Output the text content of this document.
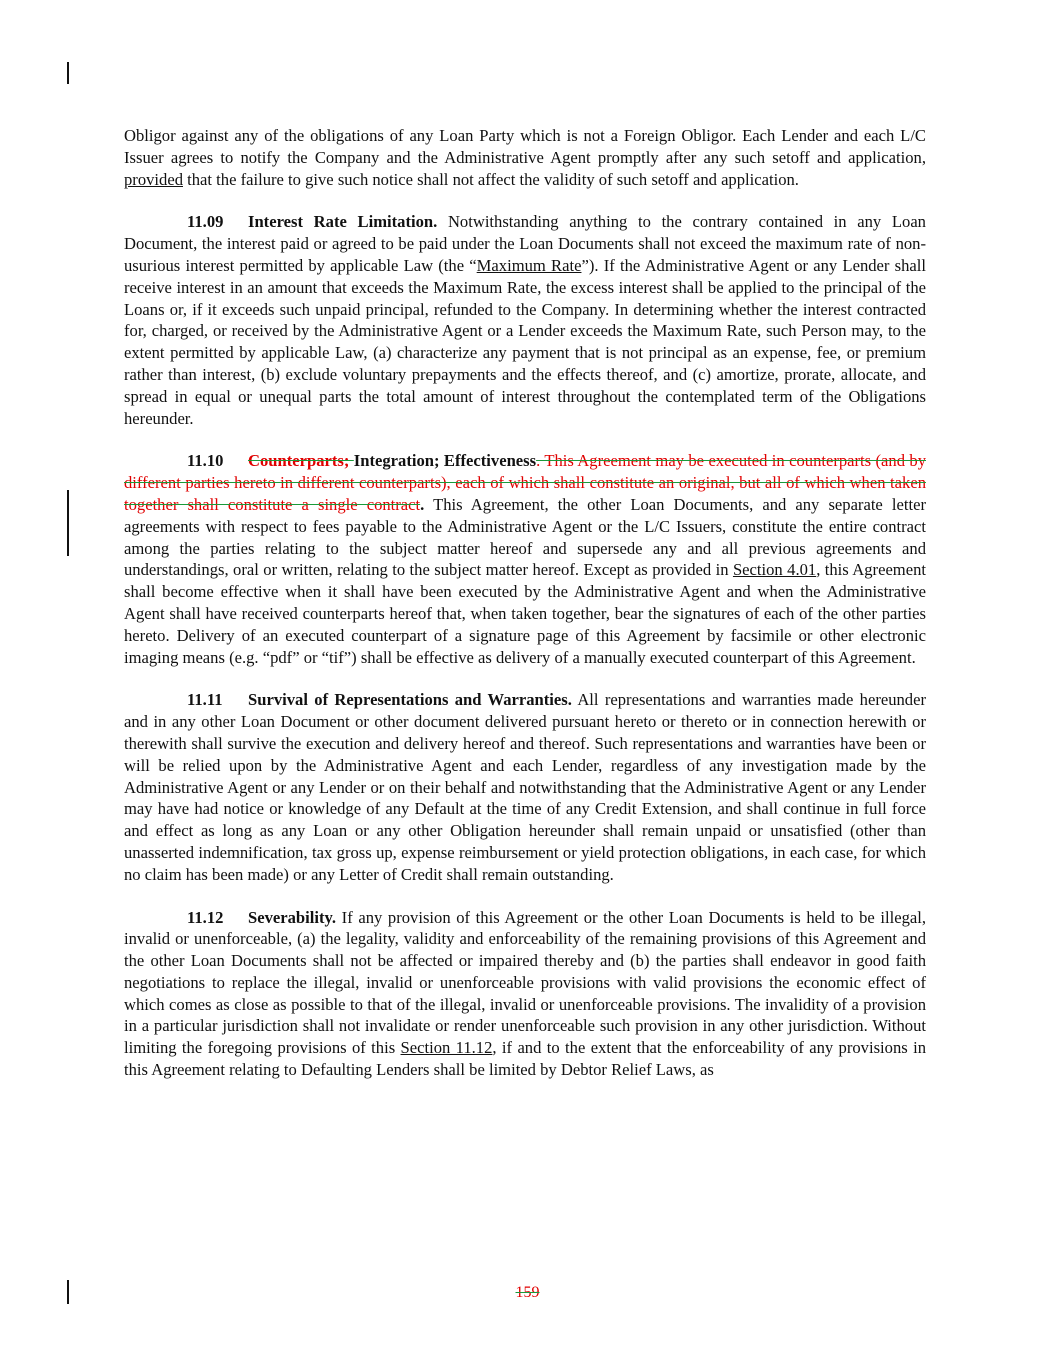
Obligor against any of the obligations of any Loan Party which is not a Foreign Obligor. Each Lender and each L/C Issuer agrees to notify the Company and the Administrative Agent promptly after any such setoff and application, provided that the failure to give such notice shall not affect the validity of such setoff and application.

11.09 Interest Rate Limitation. Notwithstanding anything to the contrary contained in any Loan Document, the interest paid or agreed to be paid under the Loan Documents shall not exceed the maximum rate of non-usurious interest permitted by applicable Law (the “Maximum Rate”). If the Administrative Agent or any Lender shall receive interest in an amount that exceeds the Maximum Rate, the excess interest shall be applied to the principal of the Loans or, if it exceeds such unpaid principal, refunded to the Company. In determining whether the interest contracted for, charged, or received by the Administrative Agent or a Lender exceeds the Maximum Rate, such Person may, to the extent permitted by applicable Law, (a) characterize any payment that is not principal as an expense, fee, or premium rather than interest, (b) exclude voluntary prepayments and the effects thereof, and (c) amortize, prorate, allocate, and spread in equal or unequal parts the total amount of interest throughout the contemplated term of the Obligations hereunder.

11.10 Counterparts; Integration; Effectiveness. This Agreement may be executed in counterparts (and by different parties hereto in different counterparts), each of which shall constitute an original, but all of which when taken together shall constitute a single contract. This Agreement, the other Loan Documents, and any separate letter agreements with respect to fees payable to the Administrative Agent or the L/C Issuers, constitute the entire contract among the parties relating to the subject matter hereof and supersede any and all previous agreements and understandings, oral or written, relating to the subject matter hereof. Except as provided in Section 4.01, this Agreement shall become effective when it shall have been executed by the Administrative Agent and when the Administrative Agent shall have received counterparts hereof that, when taken together, bear the signatures of each of the other parties hereto. Delivery of an executed counterpart of a signature page of this Agreement by facsimile or other electronic imaging means (e.g. “pdf” or “tif”) shall be effective as delivery of a manually executed counterpart of this Agreement.

11.11 Survival of Representations and Warranties. All representations and warranties made hereunder and in any other Loan Document or other document delivered pursuant hereto or thereto or in connection herewith or therewith shall survive the execution and delivery hereof and thereof. Such representations and warranties have been or will be relied upon by the Administrative Agent and each Lender, regardless of any investigation made by the Administrative Agent or any Lender or on their behalf and notwithstanding that the Administrative Agent or any Lender may have had notice or knowledge of any Default at the time of any Credit Extension, and shall continue in full force and effect as long as any Loan or any other Obligation hereunder shall remain unpaid or unsatisfied (other than unasserted indemnification, tax gross up, expense reimbursement or yield protection obligations, in each case, for which no claim has been made) or any Letter of Credit shall remain outstanding.

11.12 Severability. If any provision of this Agreement or the other Loan Documents is held to be illegal, invalid or unenforceable, (a) the legality, validity and enforceability of the remaining provisions of this Agreement and the other Loan Documents shall not be affected or impaired thereby and (b) the parties shall endeavor in good faith negotiations to replace the illegal, invalid or unenforceable provisions with valid provisions the economic effect of which comes as close as possible to that of the illegal, invalid or unenforceable provisions. The invalidity of a provision in a particular jurisdiction shall not invalidate or render unenforceable such provision in any other jurisdiction. Without limiting the foregoing provisions of this Section 11.12, if and to the extent that the enforceability of any provisions in this Agreement relating to Defaulting Lenders shall be limited by Debtor Relief Laws, as

159
